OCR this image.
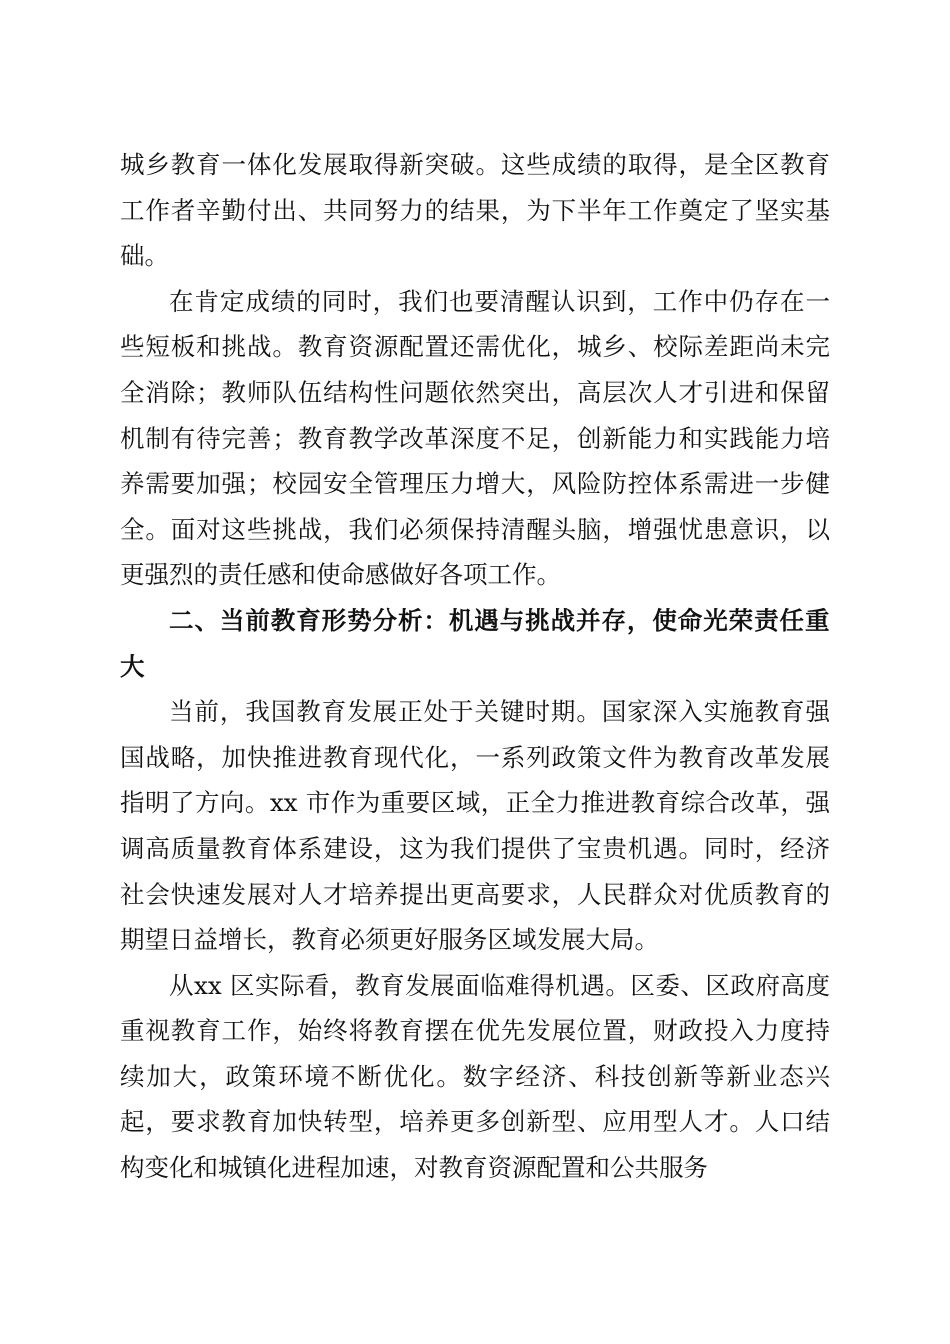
城乡教育一体化发展取得新突破。这些成绩的取得，是全区教育工作者辛勤付出、共同努力的结果，为下半年工作奠定了坚实基础。

在肯定成绩的同时，我们也要清醒认识到，工作中仍存在一些短板和挑战。教育资源配置还需优化，城乡、校际差距尚未完全消除；教师队伍结构性问题依然突出，高层次人才引进和保留机制有待完善；教育教学改革深度不足，创新能力和实践能力培养需要加强；校园安全管理压力增大，风险防控体系需进一步健全。面对这些挑战，我们必须保持清醒头脑，增强忧患意识，以更强烈的责任感和使命感做好各项工作。

二、当前教育形势分析：机遇与挑战并存，使命光荣责任重大

当前，我国教育发展正处于关键时期。国家深入实施教育强国战略，加快推进教育现代化，一系列政策文件为教育改革发展指明了方向。xx 市作为重要区域，正全力推进教育综合改革，强调高质量教育体系建设，这为我们提供了宝贵机遇。同时，经济社会快速发展对人才培养提出更高要求，人民群众对优质教育的期望日益增长，教育必须更好服务区域发展大局。

从xx 区实际看，教育发展面临难得机遇。区委、区政府高度重视教育工作，始终将教育摆在优先发展位置，财政投入力度持续加大，政策环境不断优化。数字经济、科技创新等新业态兴起，要求教育加快转型，培养更多创新型、应用型人才。人口结构变化和城镇化进程加速，对教育资源配置和公共服务
